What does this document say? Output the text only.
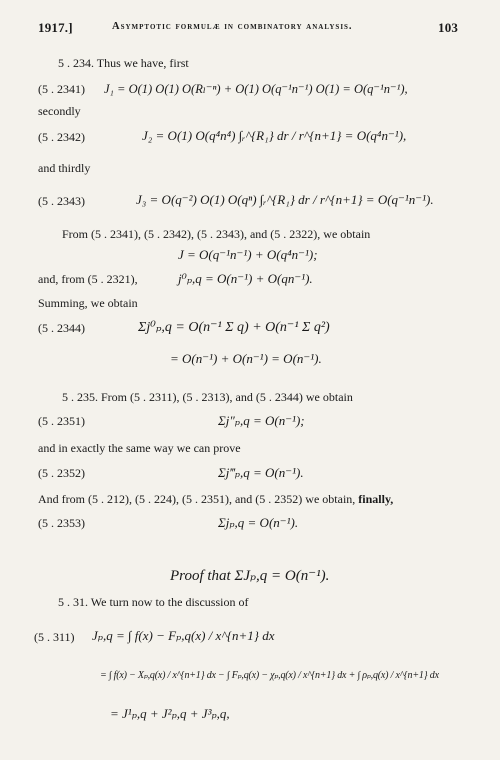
1917.]	Asymptotic formulæ in combinatory analysis.	103
5 . 234. Thus we have, first
(5 . 2341) J₁ = O(1) O(1) O(Rₗ⁻ⁿ) + O(1) O(q⁻¹n⁻¹) O(1) = O(q⁻¹n⁻¹),
secondly
(5 . 2342)	J₂ = O(1) O(q⁴n⁴) ∫ᵣ^{R₁} dr / r^{n+1} = O(q⁴n⁻¹),
and thirdly
(5 . 2343)	J₃ = O(q⁻²) O(1) O(qⁿ) ∫ᵣ^{R₁} dr / r^{n+1} = O(q⁻¹n⁻¹).
From (5 . 2341), (5 . 2342), (5 . 2343), and (5 . 2322), we obtain
J = O(q⁻¹n⁻¹) + O(q⁴n⁻¹);
and, from (5 . 2321),	j⁰ₚ,q = O(n⁻¹) + O(qn⁻¹).
Summing, we obtain
(5 . 2344)	Σj⁰ₚ,q = O(n⁻¹ Σ q) + O(n⁻¹ Σ q²)
= O(n⁻¹) + O(n⁻¹) = O(n⁻¹).
5 . 235. From (5 . 2311), (5 . 2313), and (5 . 2344) we obtain
(5 . 2351)	Σj″ₚ,q = O(n⁻¹);
and in exactly the same way we can prove
(5 . 2352)	Σj‴ₚ,q = O(n⁻¹).
And from (5 . 212), (5 . 224), (5 . 2351), and (5 . 2352) we obtain, finally,
(5 . 2353)	Σjₚ,q = O(n⁻¹).
Proof that ΣJₚ,q = O(n⁻¹).
5 . 31. We turn now to the discussion of
(5 . 311) Jₚ,q = ∫ f(x) − Fₚ,q(x) / x^{n+1} dx
= ∫ f(x) − Xₚ,q(x) / x^{n+1} dx − ∫ Fₚ,q(x) − χₚ,q(x) / x^{n+1} dx + ∫ ρₚ,q(x) / x^{n+1} dx
= J¹ₚ,q + J²ₚ,q + J³ₚ,q,
